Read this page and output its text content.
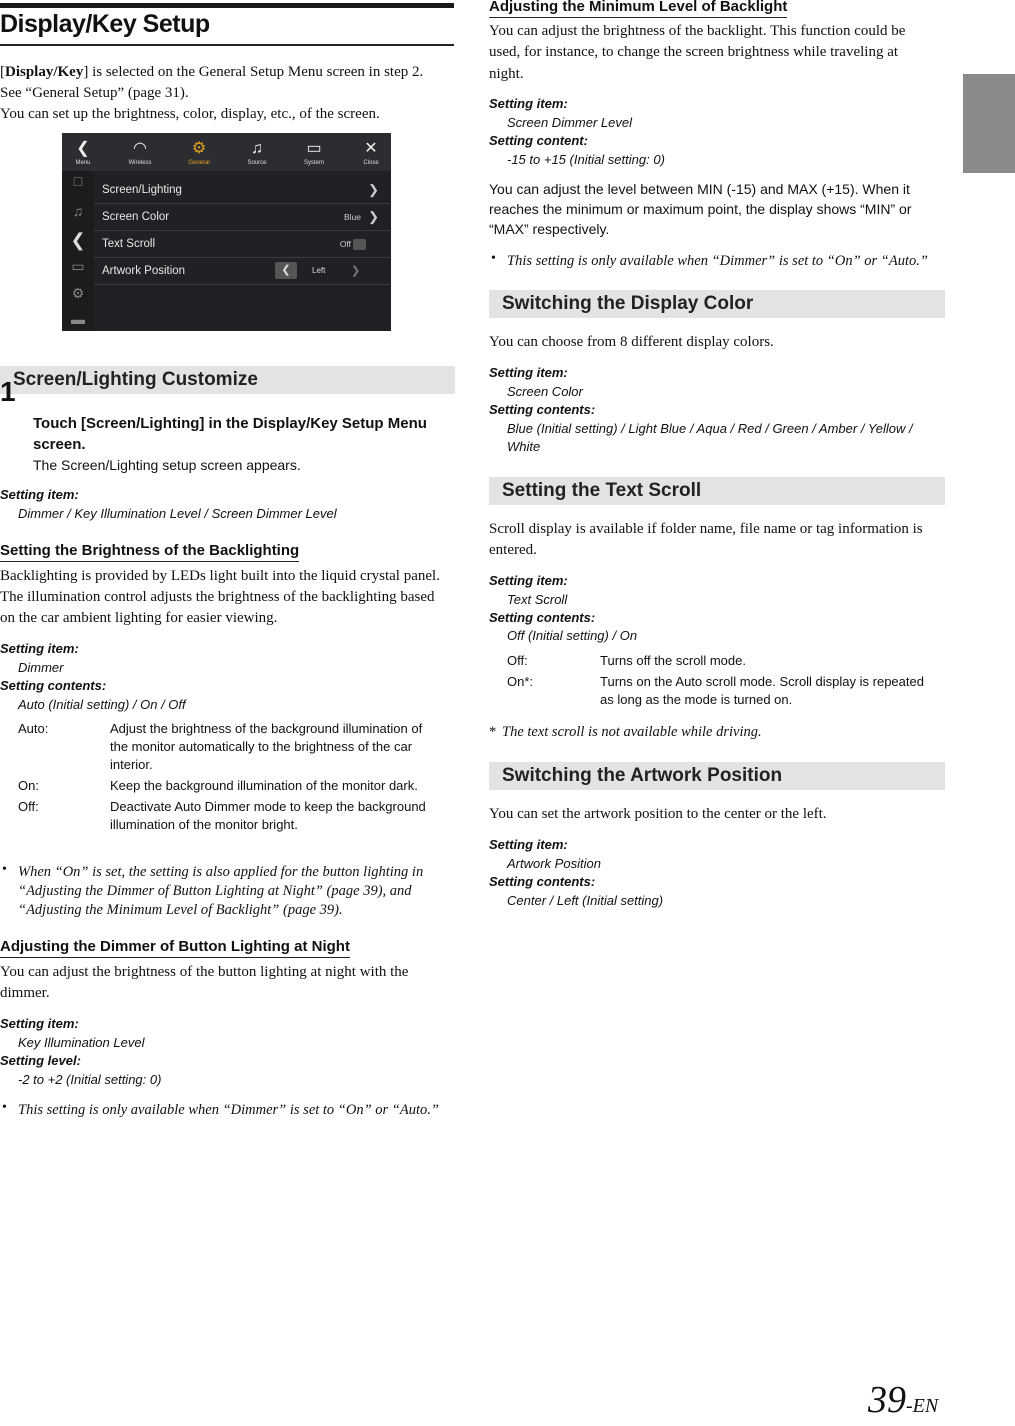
Display/Key Setup
[Display/Key] is selected on the General Setup Menu screen in step 2.
See “General Setup” (page 31).
You can set up the brightness, color, display, etc., of the screen.
❮
Menu
◠
Wireless
⚙
General
♫
Source
▭
System
✕
Close
□
♫
❮
▭
⚙
▬
Screen/Lighting	❯
Screen Color	Blue ❯
Text Scroll	Off
Artwork Position	❮	Left ❯
Screen/Lighting Customize
1
Touch [Screen/Lighting] in the Display/Key Setup Menu
screen.
The Screen/Lighting setup screen appears.
Setting item:
Dimmer / Key Illumination Level / Screen Dimmer Level
Setting the Brightness of the Backlighting
Backlighting is provided by LEDs light built into the liquid crystal panel.
The illumination control adjusts the brightness of the backlighting based
on the car ambient lighting for easier viewing.
Setting item:
Dimmer
Setting contents:
Auto (Initial setting) / On / Off
Auto:	Adjust the brightness of the background illumination of
the monitor automatically to the brightness of the car
interior.
On:	Keep the background illumination of the monitor dark.
Off:	Deactivate Auto Dimmer mode to keep the background
illumination of the monitor bright.
• When “On” is set, the setting is also applied for the button lighting in
“Adjusting the Dimmer of Button Lighting at Night” (page 39), and
“Adjusting the Minimum Level of Backlight” (page 39).
Adjusting the Dimmer of Button Lighting at Night
You can adjust the brightness of the button lighting at night with the
dimmer.
Setting item:
Key Illumination Level
Setting level:
-2 to +2 (Initial setting: 0)
• This setting is only available when “Dimmer” is set to “On” or “Auto.”
Adjusting the Minimum Level of Backlight
You can adjust the brightness of the backlight. This function could be
used, for instance, to change the screen brightness while traveling at
night.
Setting item:
Screen Dimmer Level
Setting content:
-15 to +15 (Initial setting: 0)
You can adjust the level between MIN (-15) and MAX (+15). When it
reaches the minimum or maximum point, the display shows “MIN” or
“MAX” respectively.
• This setting is only available when “Dimmer” is set to “On” or “Auto.”
Switching the Display Color
You can choose from 8 different display colors.
Setting item:
Screen Color
Setting contents:
Blue (Initial setting) / Light Blue / Aqua / Red / Green / Amber / Yellow /
White
Setting the Text Scroll
Scroll display is available if folder name, file name or tag information is
entered.
Setting item:
Text Scroll
Setting contents:
Off (Initial setting) / On
Off:	Turns off the scroll mode.
On*:	Turns on the Auto scroll mode. Scroll display is repeated
as long as the mode is turned on.
* The text scroll is not available while driving.
Switching the Artwork Position
You can set the artwork position to the center or the left.
Setting item:
Artwork Position
Setting contents:
Center / Left (Initial setting)
39-EN
